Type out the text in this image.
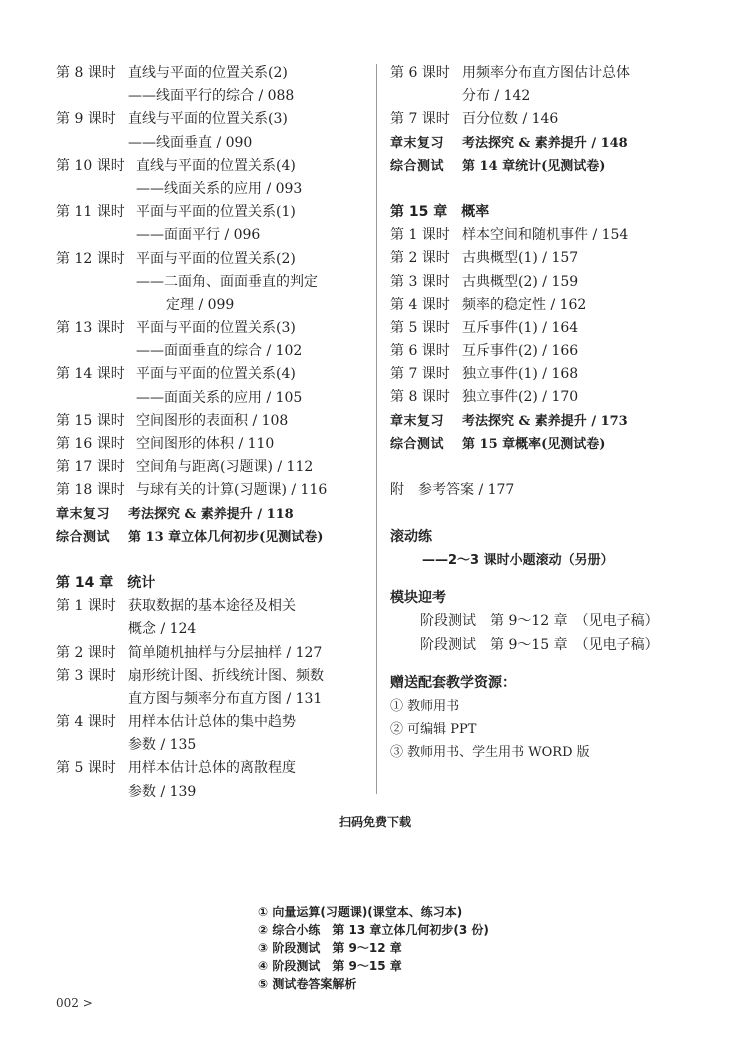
第 8 课时 直线与平面的位置关系(2)
——线面平行的综合 / 088
第 9 课时 直线与平面的位置关系(3)
——线面垂直 / 090
第 10 课时 直线与平面的位置关系(4)
——线面关系的应用 / 093
第 11 课时 平面与平面的位置关系(1)
——面面平行 / 096
第 12 课时 平面与平面的位置关系(2)
——二面角、面面垂直的判定
定理 / 099
第 13 课时 平面与平面的位置关系(3)
——面面垂直的综合 / 102
第 14 课时 平面与平面的位置关系(4)
——面面关系的应用 / 105
第 15 课时 空间图形的表面积 / 108
第 16 课时 空间图形的体积 / 110
第 17 课时 空间角与距离(习题课) / 112
第 18 课时 与球有关的计算(习题课) / 116
章末复习 考法探究 & 素养提升 / 118
综合测试 第 13 章立体几何初步(见测试卷)
第 14 章　统计
第 1 课时 获取数据的基本途径及相关
概念 / 124
第 2 课时 简单随机抽样与分层抽样 / 127
第 3 课时 扇形统计图、折线统计图、频数
直方图与频率分布直方图 / 131
第 4 课时 用样本估计总体的集中趋势
参数 / 135
第 5 课时 用样本估计总体的离散程度
参数 / 139
第 6 课时 用频率分布直方图估计总体
分布 / 142
第 7 课时 百分位数 / 146
章末复习 考法探究 & 素养提升 / 148
综合测试 第 14 章统计(见测试卷)
第 15 章　概率
第 1 课时 样本空间和随机事件 / 154
第 2 课时 古典概型(1) / 157
第 3 课时 古典概型(2) / 159
第 4 课时 频率的稳定性 / 162
第 5 课时 互斥事件(1) / 164
第 6 课时 互斥事件(2) / 166
第 7 课时 独立事件(1) / 168
第 8 课时 独立事件(2) / 170
章末复习 考法探究 & 素养提升 / 173
综合测试 第 15 章概率(见测试卷)
附 参考答案 / 177
滚动练
——2～3 课时小题滚动（另册）
模块迎考
阶段测试　第 9～12 章　（见电子稿）
阶段测试　第 9～15 章　（见电子稿）
赠送配套教学资源：
① 教师用书
② 可编辑 PPT
③ 教师用书、学生用书 WORD 版
扫码免费下载
① 向量运算(习题课)(课堂本、练习本)
② 综合小练　第 13 章立体几何初步(3 份)
③ 阶段测试　第 9～12 章
④ 阶段测试　第 9～15 章
⑤ 测试卷答案解析
002 >
